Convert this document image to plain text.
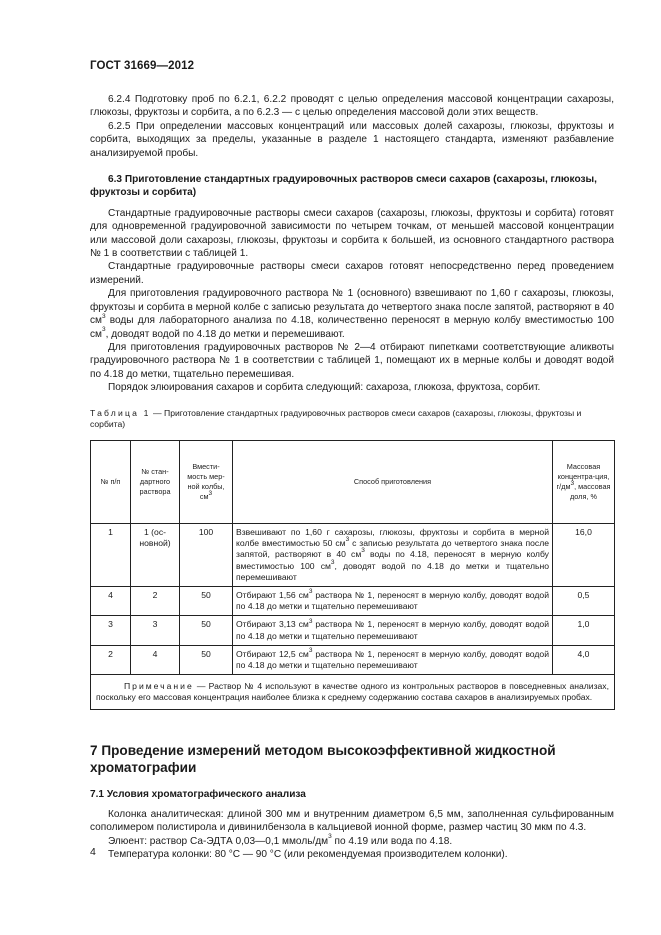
ГОСТ 31669—2012

6.2.4 Подготовку проб по 6.2.1, 6.2.2 проводят с целью определения массовой концентрации сахарозы, глюкозы, фруктозы и сорбита, а по 6.2.3 — с целью определения массовой доли этих веществ.

6.2.5 При определении массовых концентраций или массовых долей сахарозы, глюкозы, фруктозы и сорбита, выходящих за пределы, указанные в разделе 1 настоящего стандарта, изменяют разбавление анализируемой пробы.

6.3 Приготовление стандартных градуировочных растворов смеси сахаров (сахарозы, глюкозы, фруктозы и сорбита)

Стандартные градуировочные растворы смеси сахаров (сахарозы, глюкозы, фруктозы и сорбита) готовят для одновременной градуировочной зависимости по четырем точкам, от меньшей массовой концентрации или массовой доли сахарозы, глюкозы, фруктозы и сорбита к большей, из основного стандартного раствора № 1 в соответствии с таблицей 1.

Стандартные градуировочные растворы смеси сахаров готовят непосредственно перед проведением измерений.

Для приготовления градуировочного раствора № 1 (основного) взвешивают по 1,60 г сахарозы, глюкозы, фруктозы и сорбита в мерной колбе с записью результата до четвертого знака после запятой, растворяют в 40 $см^3$ воды для лабораторного анализа по 4.18, количественно переносят в мерную колбу вместимостью 100 $см^3$, доводят водой по 4.18 до метки и перемешивают.

Для приготовления градуировочных растворов № 2—4 отбирают пипетками соответствующие аликвоты градуировочного раствора № 1 в соответствии с таблицей 1, помещают их в мерные колбы и доводят водой по 4.18 до метки, тщательно перемешивая.

Порядок элюирования сахаров и сорбита следующий: сахароза, глюкоза, фруктоза, сорбит.

Таблица 1 — Приготовление стандартных градуировочных растворов смеси сахаров (сахарозы, глюкозы, фруктозы и сорбита)
№ п/п	№ стан-дартного раствора	Вмести-мость мер-ной колбы, $см^3$	Способ приготовления	Массовая концентра-ция, $г/дм^3$, массовая доля, %
1	1 (ос-новной)	100	Взвешивают по 1,60 г сахарозы, глюкозы, фруктозы и сорбита в мерной колбе вместимостью 50 $см^3$ с записью результата до четвертого знака после запятой, растворяют в 40 $см^3$ воды по 4.18, переносят в мерную колбу вместимостью 100 $см^3$, доводят водой по 4.18 до метки и тщательно перемешивают	16,0
4	2	50	Отбирают 1,56 $см^3$ раствора № 1, переносят в мерную колбу, доводят водой по 4.18 до метки и тщательно перемешивают	0,5
3	3	50	Отбирают 3,13 $см^3$ раствора № 1, переносят в мерную колбу, доводят водой по 4.18 до метки и тщательно перемешивают	1,0
2	4	50	Отбирают 12,5 $см^3$ раствора № 1, переносят в мерную колбу, доводят водой по 4.18 до метки и тщательно перемешивают	4,0
Примечание — Раствор № 4 используют в качестве одного из контрольных растворов в повседневных анализах, поскольку его массовая концентрация наиболее близка к среднему содержанию состава сахаров в анализируемых пробах.				
7 Проведение измерений методом высокоэффективной жидкостной хроматографии
7.1 Условия хроматографического анализа

Колонка аналитическая: длиной 300 мм и внутренним диаметром 6,5 мм, заполненная сульфированным сополимером полистирола и дивинилбензола в кальциевой ионной форме, размер частиц 30 мкм по 4.3.

Элюент: раствор Са-ЭДТА 0,03—0,1 ммоль/$дм^3$ по 4.19 или вода по 4.18.

Температура колонки: 80 °С — 90 °С (или рекомендуемая производителем колонки).

4
